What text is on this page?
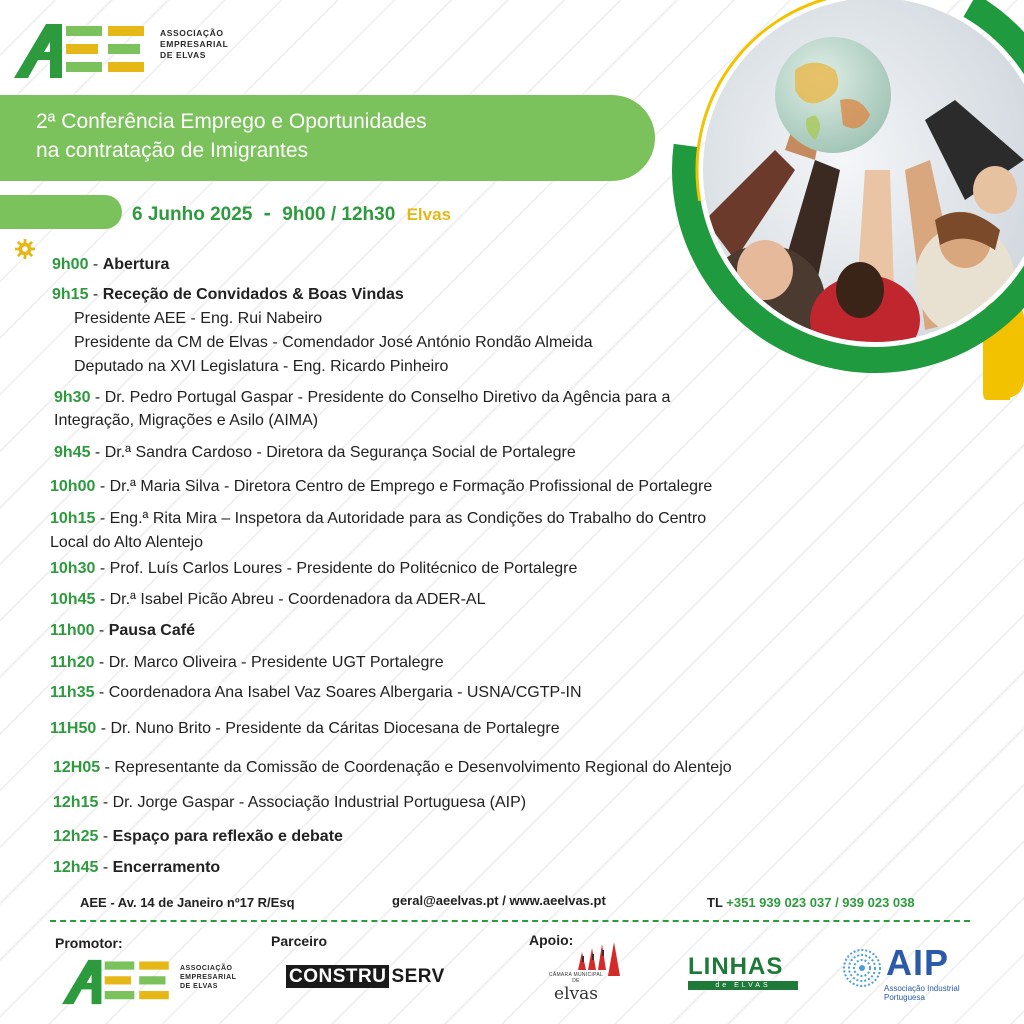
ASSOCIAÇÃO
EMPRESARIAL
DE ELVAS
2ª Conferência Emprego e Oportunidades
na contratação de Imigrantes
6 Junho 2025 - 9h00 / 12h30 Elvas
9h00 - Abertura
9h15 - Receção de Convidados & Boas Vindas
Presidente AEE - Eng. Rui Nabeiro
Presidente da CM de Elvas - Comendador José António Rondão Almeida
Deputado na XVI Legislatura - Eng. Ricardo Pinheiro
9h30 - Dr. Pedro Portugal Gaspar - Presidente do Conselho Diretivo da Agência para a
Integração, Migrações e Asilo (AIMA)
9h45 - Dr.ª Sandra Cardoso - Diretora da Segurança Social de Portalegre
10h00 - Dr.ª Maria Silva - Diretora Centro de Emprego e Formação Profissional de Portalegre
10h15 - Eng.ª Rita Mira – Inspetora da Autoridade para as Condições do Trabalho do Centro
Local do Alto Alentejo
10h30 - Prof. Luís Carlos Loures - Presidente do Politécnico de Portalegre
10h45 - Dr.ª Isabel Picão Abreu - Coordenadora da ADER-AL
11h00 - Pausa Café
11h20 - Dr. Marco Oliveira - Presidente UGT Portalegre
11h35 - Coordenadora Ana Isabel Vaz Soares Albergaria - USNA/CGTP-IN
11H50 - Dr. Nuno Brito - Presidente da Cáritas Diocesana de Portalegre
12H05 - Representante da Comissão de Coordenação e Desenvolvimento Regional do Alentejo
12h15 - Dr. Jorge Gaspar - Associação Industrial Portuguesa (AIP)
12h25 - Espaço para reflexão e debate
12h45 - Encerramento
AEE - Av. 14 de Janeiro nº17 R/Esq	geral@aeelvas.pt / www.aeelvas.pt	TL +351 939 023 037 / 939 023 038
Promotor:	Parceiro	Apoio:
ASSOCIAÇÃO
EMPRESARIAL
DE ELVAS	CONSTRU SERV	CÂMARA MUNICIPAL DE
elvas
LINHAS
de ELVAS
AIP
Associação Industrial
Portuguesa
